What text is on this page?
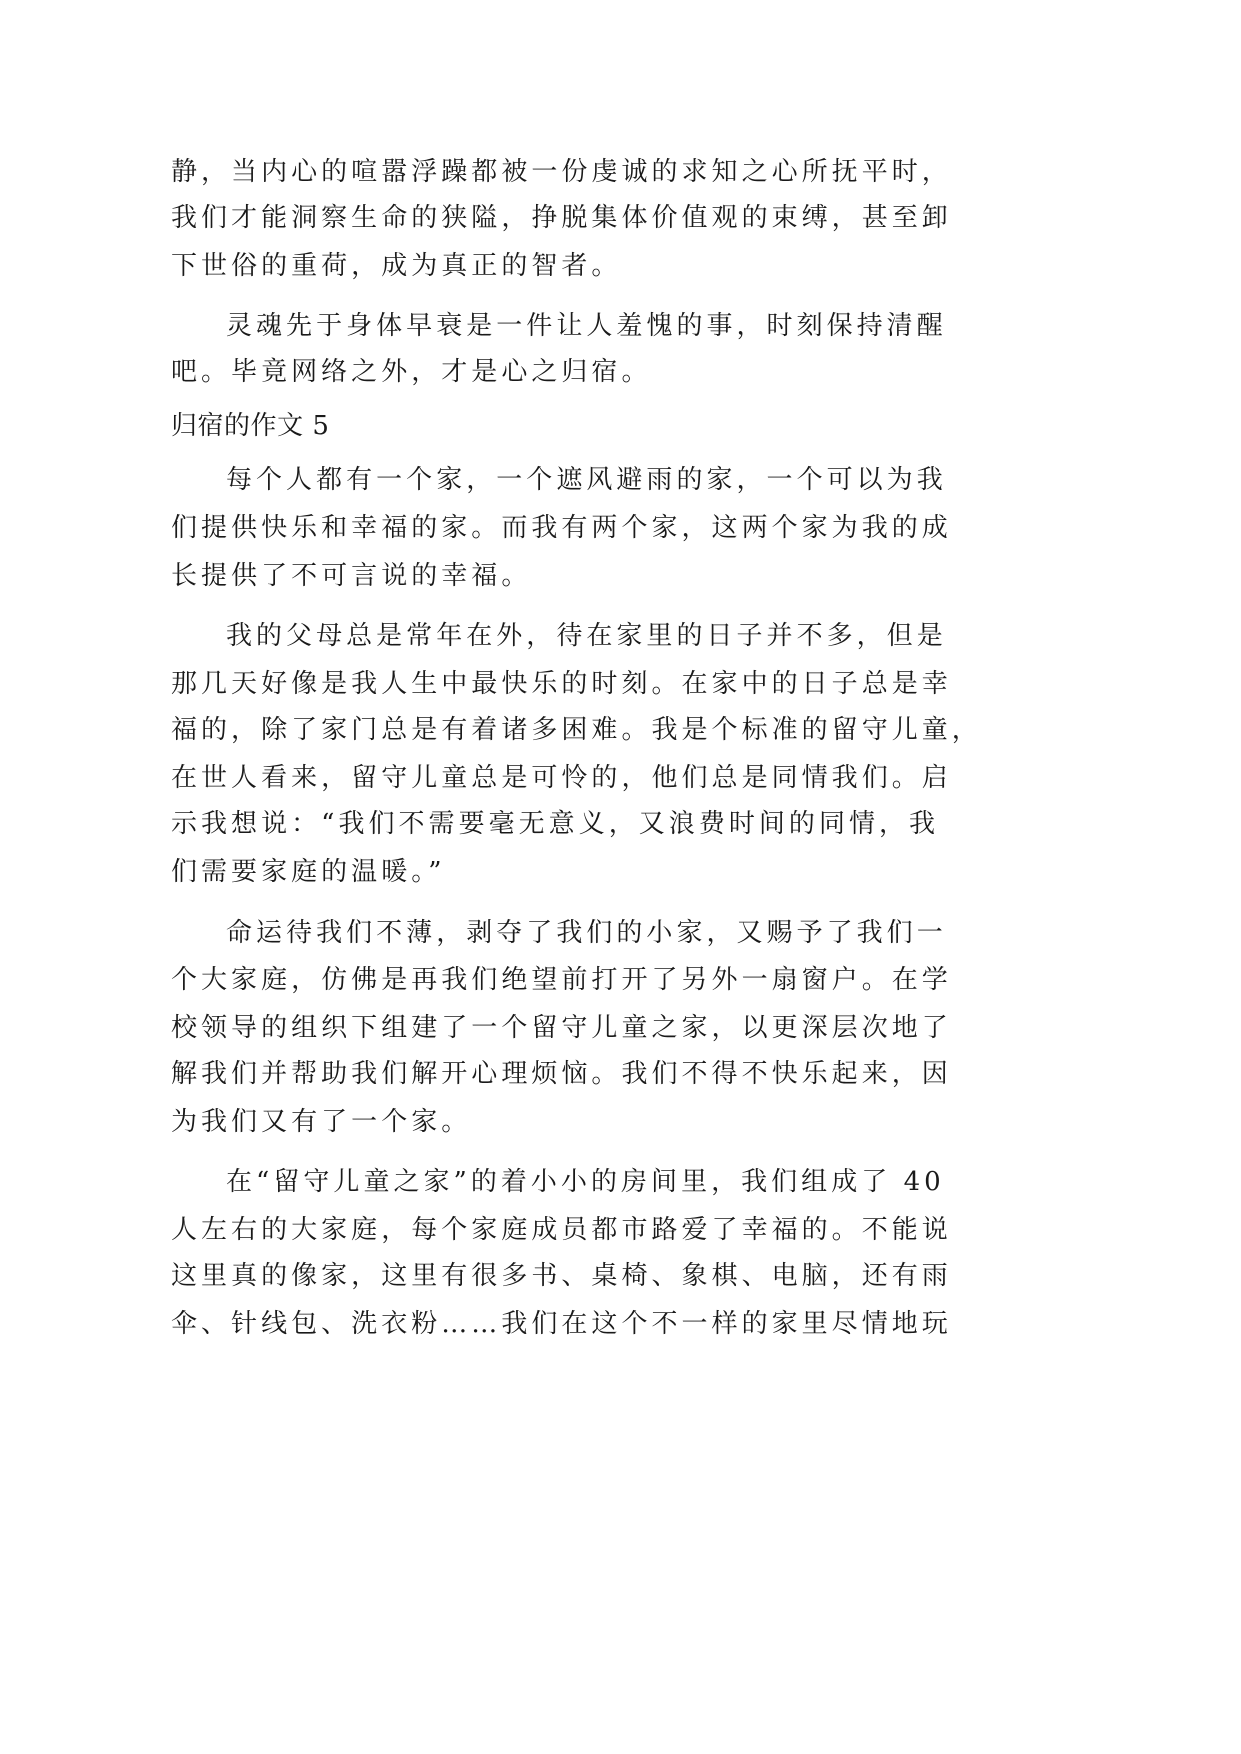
静，当内心的喧嚣浮躁都被一份虔诚的求知之心所抚平时，
我们才能洞察生命的狭隘，挣脱集体价值观的束缚，甚至卸
下世俗的重荷，成为真正的智者。
灵魂先于身体早衰是一件让人羞愧的事，时刻保持清醒
吧。毕竟网络之外，才是心之归宿。
归宿的作文 5
每个人都有一个家，一个遮风避雨的家，一个可以为我
们提供快乐和幸福的家。而我有两个家，这两个家为我的成
长提供了不可言说的幸福。
我的父母总是常年在外，待在家里的日子并不多，但是
那几天好像是我人生中最快乐的时刻。在家中的日子总是幸
福的，除了家门总是有着诸多困难。我是个标准的留守儿童，
在世人看来，留守儿童总是可怜的，他们总是同情我们。启
示我想说：“我们不需要毫无意义，又浪费时间的同情，我
们需要家庭的温暖。”
命运待我们不薄，剥夺了我们的小家，又赐予了我们一
个大家庭，仿佛是再我们绝望前打开了另外一扇窗户。在学
校领导的组织下组建了一个留守儿童之家，以更深层次地了
解我们并帮助我们解开心理烦恼。我们不得不快乐起来，因
为我们又有了一个家。
在“留守儿童之家”的着小小的房间里，我们组成了 40
人左右的大家庭，每个家庭成员都市路爱了幸福的。不能说
这里真的像家，这里有很多书、桌椅、象棋、电脑，还有雨
伞、针线包、洗衣粉……我们在这个不一样的家里尽情地玩
